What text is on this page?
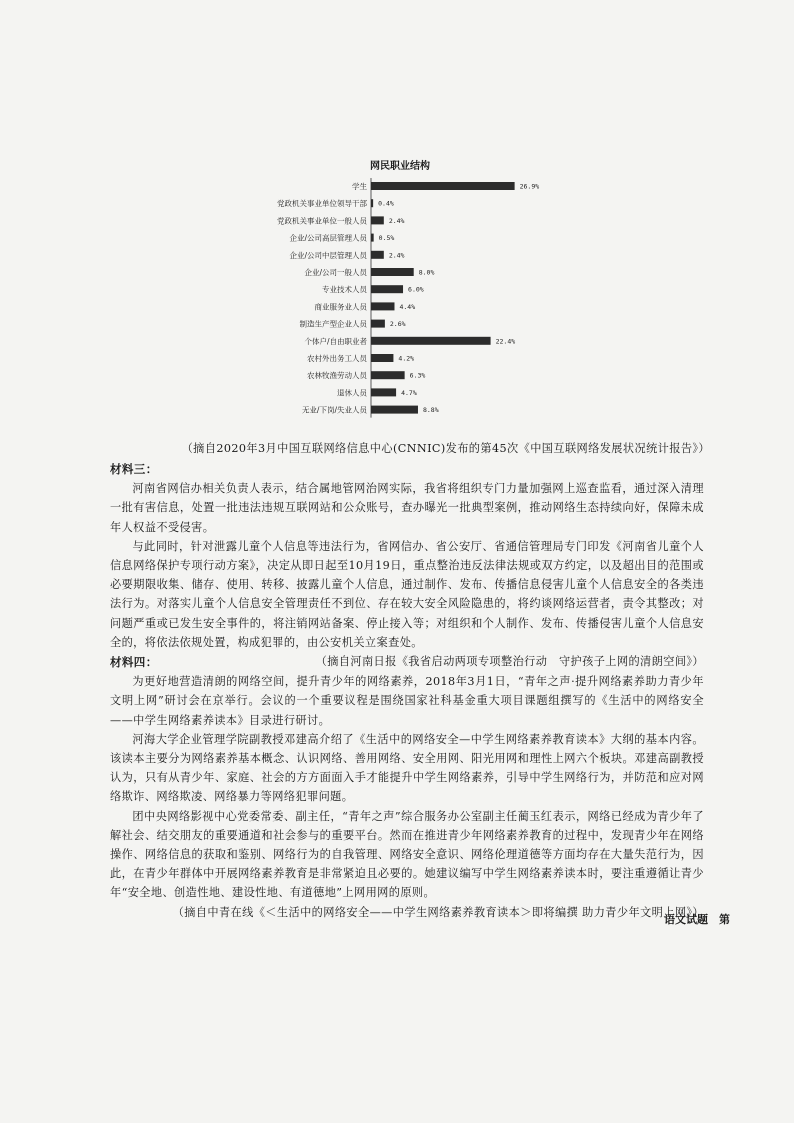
网民职业结构
学生	26.9%
党政机关事业单位领导干部 0.4%
党政机关事业单位一般人员	2.4%
企业/公司高层管理人员 0.5%
企业/公司中层管理人员	2.4%
企业/公司一般人员	8.0%
专业技术人员	6.0%
商业服务业人员	4.4%
制造生产型企业人员	2.6%
个体户/自由职业者	22.4%
农村外出务工人员	4.2%
农林牧渔劳动人员	6.3%
退休人员	4.7%
无业/下岗/失业人员	8.8%
（摘自2020年3月中国互联网络信息中心(CNNIC)发布的第45次《中国互联网络发展状况统计报告》）
材料三：

河南省网信办相关负责人表示，结合属地管网治网实际，我省将组织专门力量加强网上巡查监看，通过深入清理一批有害信息，处置一批违法违规互联网站和公众账号，查办曝光一批典型案例，推动网络生态持续向好，保障未成年人权益不受侵害。

与此同时，针对泄露儿童个人信息等违法行为，省网信办、省公安厅、省通信管理局专门印发《河南省儿童个人信息网络保护专项行动方案》，决定从即日起至10月19日，重点整治违反法律法规或双方约定，以及超出目的范围或必要期限收集、储存、使用、转移、披露儿童个人信息，通过制作、发布、传播信息侵害儿童个人信息安全的各类违法行为。对落实儿童个人信息安全管理责任不到位、存在较大安全风险隐患的，将约谈网络运营者，责令其整改；对问题严重或已发生安全事件的，将注销网站备案、停止接入等；对组织和个人制作、发布、传播侵害儿童个人信息安全的，将依法依规处置，构成犯罪的，由公安机关立案查处。

（摘自河南日报《我省启动两项专项整治行动　守护孩子上网的清朗空间》）
材料四：

为更好地营造清朗的网络空间，提升青少年的网络素养，2018年3月1日，“青年之声·提升网络素养助力青少年文明上网”研讨会在京举行。会议的一个重要议程是围绕国家社科基金重大项目课题组撰写的《生活中的网络安全——中学生网络素养读本》目录进行研讨。

河海大学企业管理学院副教授邓建高介绍了《生活中的网络安全—中学生网络素养教育读本》大纲的基本内容。该读本主要分为网络素养基本概念、认识网络、善用网络、安全用网、阳光用网和理性上网六个板块。邓建高副教授认为，只有从青少年、家庭、社会的方方面面入手才能提升中学生网络素养，引导中学生网络行为，并防范和应对网络欺诈、网络欺凌、网络暴力等网络犯罪问题。

团中央网络影视中心党委常委、副主任，“青年之声”综合服务办公室副主任蔺玉红表示，网络已经成为青少年了解社会、结交朋友的重要通道和社会参与的重要平台。然而在推进青少年网络素养教育的过程中，发现青少年在网络操作、网络信息的获取和鉴别、网络行为的自我管理、网络安全意识、网络伦理道德等方面均存在大量失范行为，因此，在青少年群体中开展网络素养教育是非常紧迫且必要的。她建议编写中学生网络素养读本时，要注重遵循让青少年“安全地、创造性地、建设性地、有道德地”上网用网的原则。

（摘自中青在线《＜生活中的网络安全——中学生网络素养教育读本＞即将编撰 助力青少年文明上网》）
语文试题　第
